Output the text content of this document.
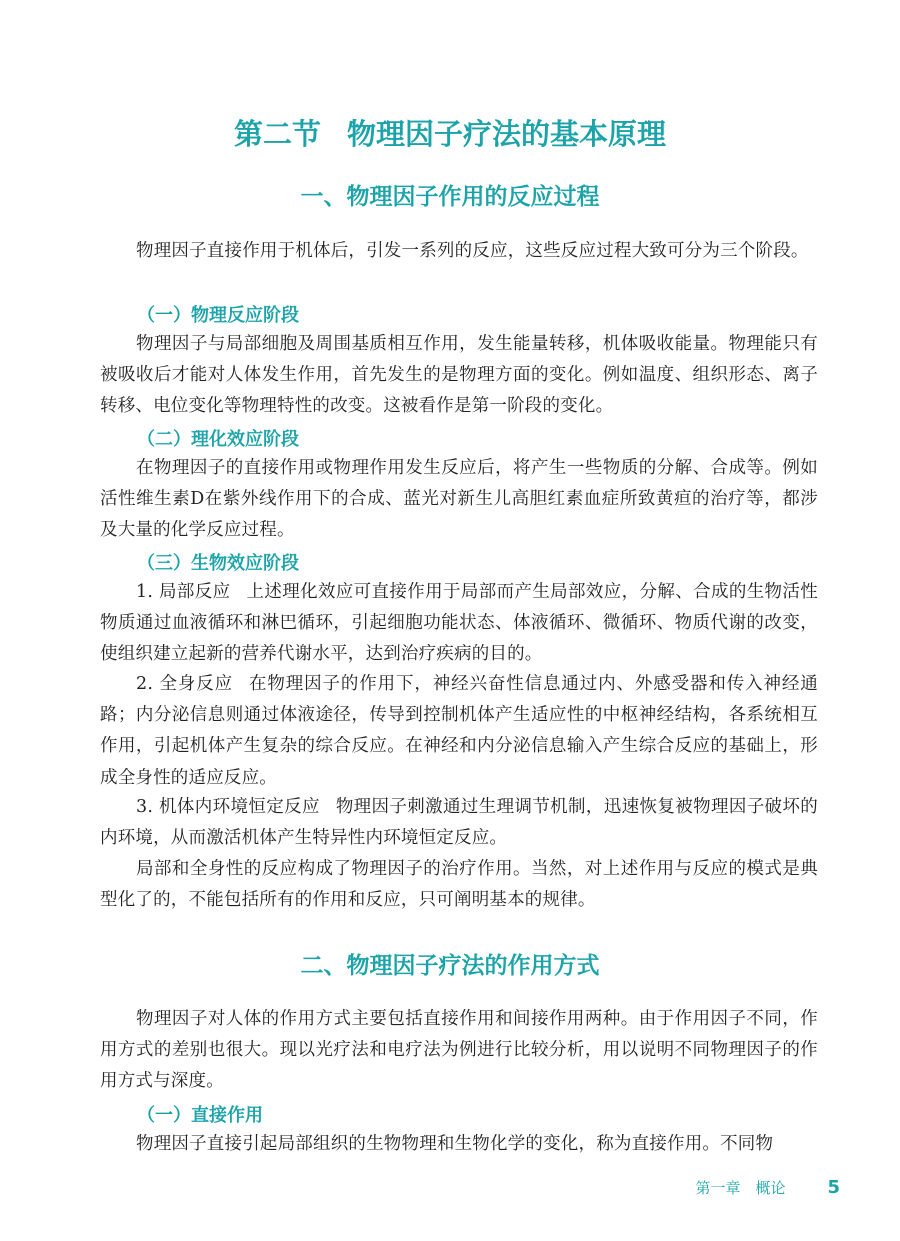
第二节 物理因子疗法的基本原理
一、物理因子作用的反应过程

物理因子直接作用于机体后，引发一系列的反应，这些反应过程大致可分为三个阶段。

（一）物理反应阶段

物理因子与局部细胞及周围基质相互作用，发生能量转移，机体吸收能量。物理能只有被吸收后才能对人体发生作用，首先发生的是物理方面的变化。例如温度、组织形态、离子转移、电位变化等物理特性的改变。这被看作是第一阶段的变化。

（二）理化效应阶段

在物理因子的直接作用或物理作用发生反应后，将产生一些物质的分解、合成等。例如活性维生素D在紫外线作用下的合成、蓝光对新生儿高胆红素血症所致黄疸的治疗等，都涉及大量的化学反应过程。

（三）生物效应阶段

1. 局部反应 上述理化效应可直接作用于局部而产生局部效应，分解、合成的生物活性物质通过血液循环和淋巴循环，引起细胞功能状态、体液循环、微循环、物质代谢的改变，使组织建立起新的营养代谢水平，达到治疗疾病的目的。

2. 全身反应 在物理因子的作用下，神经兴奋性信息通过内、外感受器和传入神经通路；内分泌信息则通过体液途径，传导到控制机体产生适应性的中枢神经结构，各系统相互作用，引起机体产生复杂的综合反应。在神经和内分泌信息输入产生综合反应的基础上，形成全身性的适应反应。

3. 机体内环境恒定反应 物理因子刺激通过生理调节机制，迅速恢复被物理因子破坏的内环境，从而激活机体产生特异性内环境恒定反应。

局部和全身性的反应构成了物理因子的治疗作用。当然，对上述作用与反应的模式是典型化了的，不能包括所有的作用和反应，只可阐明基本的规律。

二、物理因子疗法的作用方式

物理因子对人体的作用方式主要包括直接作用和间接作用两种。由于作用因子不同，作用方式的差别也很大。现以光疗法和电疗法为例进行比较分析，用以说明不同物理因子的作用方式与深度。

（一）直接作用

物理因子直接引起局部组织的生物物理和生物化学的变化，称为直接作用。不同物

第一章　概论 5
